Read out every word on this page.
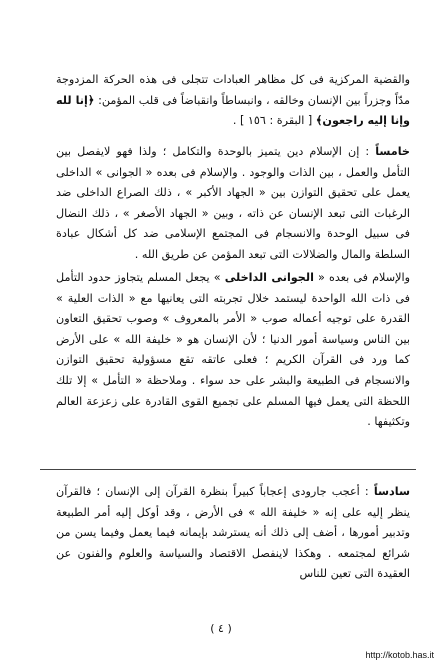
والقضية المركزية فى كل مظاهر العبادات تتجلى فى هذه الحركة المزدوجة مدّاً وجزراً بين الإنسان وخالقه ، وانبساطاً وانقباضاً فى قلب المؤمن: ﴿إنا لله وإنا إليه راجعون﴾ [ البقرة : ١٥٦ ] .

خامساً : إن الإسلام دين يتميز بالوحدة والتكامل ؛ ولذا فهو لايفصل بين التأمل والعمل ، بين الذات والوجود . والإسلام فى بعده « الجوانى » الداخلى يعمل على تحقيق التوازن بين « الجهاد الأكبر » ، ذلك الصراع الداخلى ضد الرغبات التى تبعد الإنسان عن ذاته ، وبين « الجهاد الأصغر » ، ذلك النضال فى سبيل الوحدة والانسجام فى المجتمع الإسلامى ضد كل أشكال عبادة السلطة والمال والضلالات التى تبعد المؤمن عن طريق الله .

والإسلام فى بعده « الجوانى الداخلى » يجعل المسلم يتجاوز حدود التأمل فى ذات الله الواحدة ليستمد خلال تجربته التى يعانيها مع « الذات العلية » القدرة على توجيه أعماله صوب « الأمر بالمعروف » وصوب تحقيق التعاون بين الناس وسياسة أمور الدنيا ؛ لأن الإنسان هو « خليفة الله » على الأرض كما ورد فى القرآن الكريم ؛ فعلى عاتقه تقع مسؤولية تحقيق التوازن والانسجام فى الطبيعة والبشر على حد سواء . وملاحظة « التأمل » إلا تلك اللحظة التى يعمل فيها المسلم على تجميع القوى القادرة على زعزعة العالم وتكثيفها .

سادساً : أعجب جارودى إعجاباً كبيراً بنظرة القرآن إلى الإنسان ؛ فالقرآن ينظر إليه على إنه « خليفة الله » فى الأرض ، وقد أوكل إليه أمر الطبيعة وتدبير أمورها ، أضف إلى ذلك أنه يسترشد بإيمانه فيما يعمل وفيما يسن من شرائع لمجتمعه . وهكذا لاينفصل الاقتصاد والسياسة والعلوم والفنون عن العقيدة التى تعين للناس

( ٤ )
http://kotob.has.it
